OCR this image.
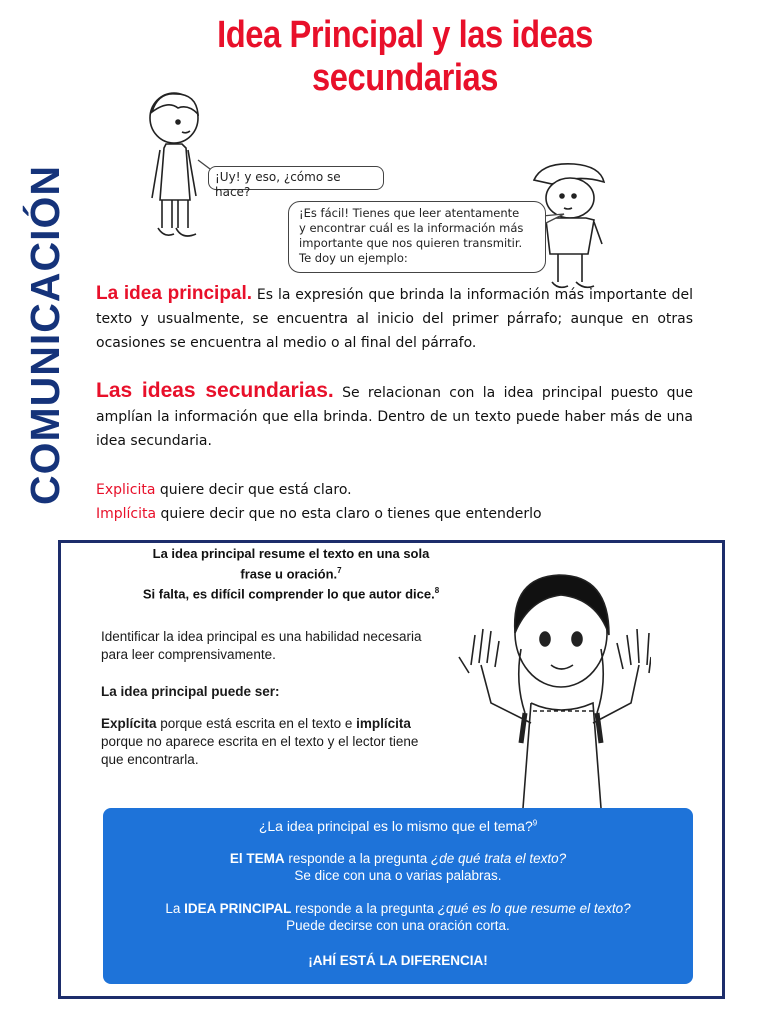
Idea Principal y las ideas secundarias
COMUNICACIÓN	¡Uy! y eso, ¿cómo se hace?
¡Es fácil! Tienes que leer atentamente
y encontrar cuál es la información más
importante que nos quieren transmitir.
Te doy un ejemplo:
La idea principal. Es la expresión que brinda la información más importante del texto y usualmente, se encuentra al inicio del primer párrafo; aunque en otras ocasiones se encuentra al medio o al final del párrafo.
Las ideas secundarias. Se relacionan con la idea principal puesto que amplían la información que ella brinda. Dentro de un texto puede haber más de una idea secundaria.
Explicita quiere decir que está claro.
Implícita quiere decir que no esta claro o tienes que entenderlo
La idea principal resume el texto en una sola
frase u oración.$^7$
Si falta, es difícil comprender lo que autor dice.$^8$
Identificar la idea principal es una habilidad necesaria
para leer comprensivamente.
La idea principal puede ser:
Explícita porque está escrita en el texto e implícita
porque no aparece escrita en el texto y el lector tiene
que encontrarla.
¿La idea principal es lo mismo que el tema?$^9$
El TEMA responde a la pregunta ¿de qué trata el texto?
Se dice con una o varias palabras.
La IDEA PRINCIPAL responde a la pregunta ¿qué es lo que resume el texto?
Puede decirse con una oración corta.
¡AHÍ ESTÁ LA DIFERENCIA!
